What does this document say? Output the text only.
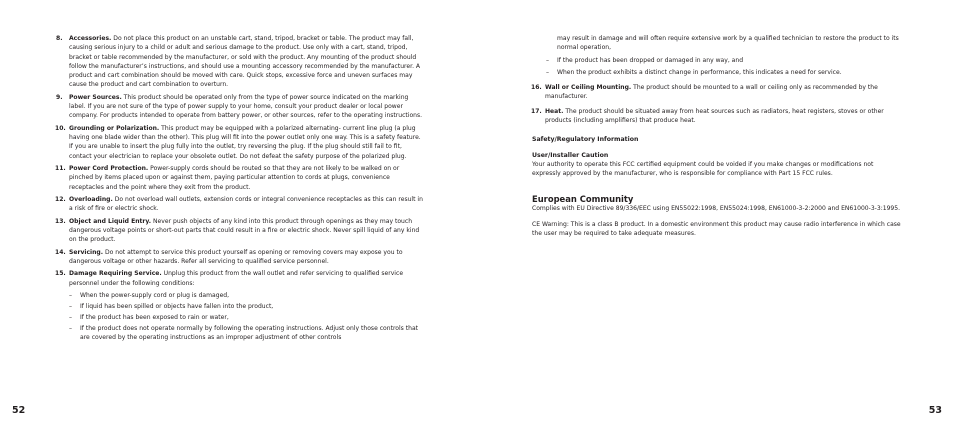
8.	Accessories. Do not place this product on an unstable cart, stand, tripod, bracket or table. The product may fall, causing serious injury to a child or adult and serious damage to the product. Use only with a cart, stand, tripod, bracket or table recommended by the manufacturer, or sold with the product. Any mounting of the product should follow the manufacturer’s instructions, and should use a mounting accessory recommended by the manufacturer. A product and cart combination should be moved with care. Quick stops, excessive force and uneven surfaces may cause the product and cart combination to overturn.
9.	Power Sources. This product should be operated only from the type of power source indicated on the marking label. If you are not sure of the type of power supply to your home, consult your product dealer or local power company. For products intended to operate from battery power, or other sources, refer to the operating instructions.
10. Grounding or Polarization. This product may be equipped with a polarized alternating- current line plug (a plug having one blade wider than the other). This plug will fit into the power outlet only one way. This is a safety feature. If you are unable to insert the plug fully into the outlet, try reversing the plug. If the plug should still fail to fit, contact your electrician to replace your obsolete outlet. Do not defeat the safety purpose of the polarized plug.
11. Power Cord Protection. Power-supply cords should be routed so that they are not likely to be walked on or pinched by items placed upon or against them, paying particular attention to cords at plugs, convenience receptacles and the point where they exit from the product.
12. Overloading. Do not overload wall outlets, extension cords or integral convenience receptacles as this can result in a risk of fire or electric shock.
13. Object and Liquid Entry. Never push objects of any kind into this product through openings as they may touch dangerous voltage points or short-out parts that could result in a fire or electric shock. Never spill liquid of any kind on the product.
14. Servicing. Do not attempt to service this product yourself as opening or removing covers may expose you to dangerous voltage or other hazards. Refer all servicing to qualified service personnel.
15. Damage Requiring Service. Unplug this product from the wall outlet and refer servicing to qualified service personnel under the following conditions:
– When the power-supply cord or plug is damaged,
– If liquid has been spilled or objects have fallen into the product,
– If the product has been exposed to rain or water,
– If the product does not operate normally by following the operating instructions. Adjust only those controls that are covered by the operating instructions as an improper adjustment of other controls
52
may result in damage and will often require extensive work by a qualified technician to restore the product to its normal operation,
– If the product has been dropped or damaged in any way, and
– When the product exhibits a distinct change in performance, this indicates a need for service.
16. Wall or Ceiling Mounting. The product should be mounted to a wall or ceiling only as recommended by the manufacturer.
17. Heat. The product should be situated away from heat sources such as radiators, heat registers, stoves or other products (including amplifiers) that produce heat.
Safety/Regulatory Information
User/Installer Caution
Your authority to operate this FCC certified equipment could be voided if you make changes or modifications not expressly approved by the manufacturer, who is responsible for compliance with Part 15 FCC rules.
European Community
Complies with EU Directive 89/336/EEC using EN55022:1998, EN55024:1998, EN61000-3-2:2000 and EN61000-3-3:1995.
CE Warning: This is a class B product. In a domestic environment this product may cause radio interference in which case the user may be required to take adequate measures.
53
